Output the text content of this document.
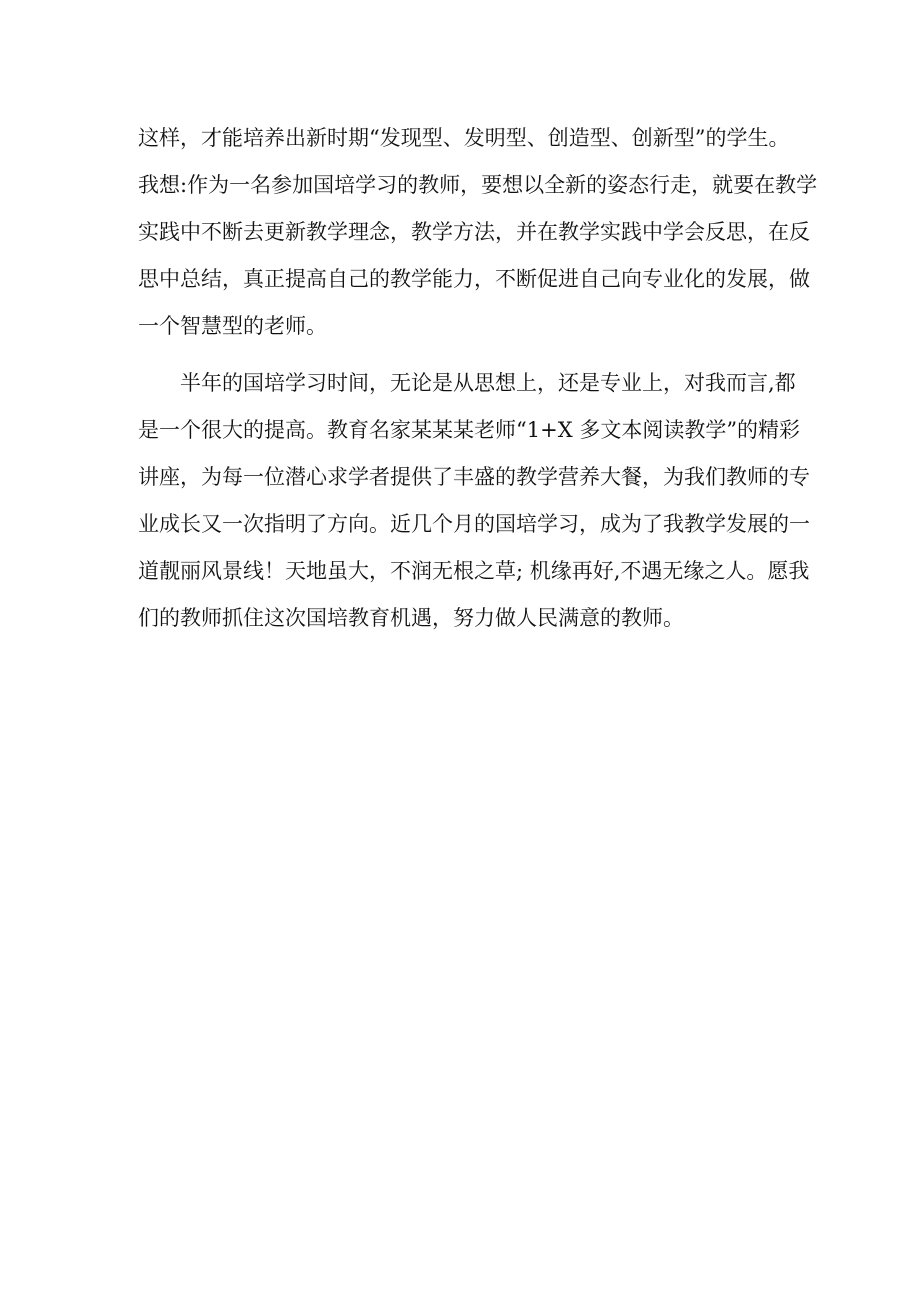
这样，才能培养出新时期“发现型、发明型、创造型、创新型”的学生。
我想:作为一名参加国培学习的教师，要想以全新的姿态行走，就要在教学
实践中不断去更新教学理念，教学方法，并在教学实践中学会反思，在反
思中总结，真正提高自己的教学能力，不断促进自己向专业化的发展，做
一个智慧型的老师。
半年的国培学习时间，无论是从思想上，还是专业上，对我而言,都
是一个很大的提高。教育名家某某某老师“1+X 多文本阅读教学”的精彩
讲座，为每一位潜心求学者提供了丰盛的教学营养大餐，为我们教师的专
业成长又一次指明了方向。近几个月的国培学习，成为了我教学发展的一
道靓丽风景线！天地虽大，不润无根之草; 机缘再好,不遇无缘之人。愿我
们的教师抓住这次国培教育机遇，努力做人民满意的教师。
